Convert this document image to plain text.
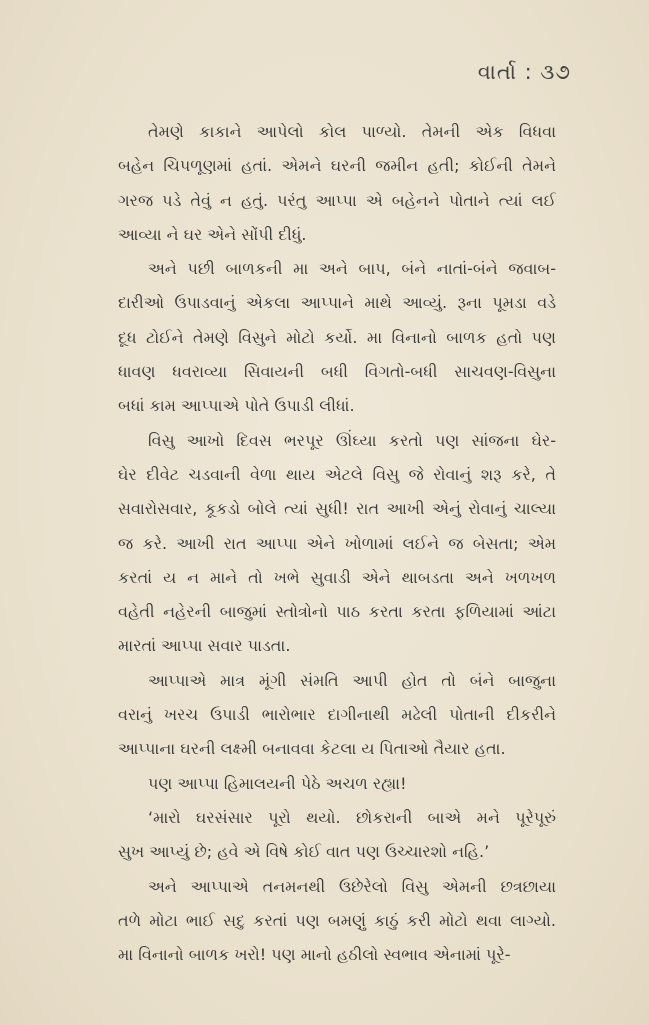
વાર્તા : ૩૭
તેમણે કાકાને આપેલો કોલ પાળ્યો. તેમની એક વિધવા
બહેન ચિપળૂણમાં હતાં. એમને ઘરની જમીન હતી; કોઈની તેમને
ગરજ પડે તેવું ન હતું. પરંતુ આપ્પા એ બહેનને પોતાને ત્યાં લઈ
આવ્યા ને ઘર એને સોંપી દીધું.
અને પછી બાળકની મા અને બાપ, બંને નાતાં-બંને જવાબ-
દારીઓ ઉપાડવાનું એકલા આપ્પાને માથે આવ્યું. રૂના પૂમડા વડે
દૂધ ટોઈને તેમણે વિસુને મોટો કર્યો. મા વિનાનો બાળક હતો પણ
ધાવણ ધવરાવ્યા સિવાયની બધી વિગતો-બધી સાચવણ-વિસુના
બધાં કામ આપ્પાએ પોતે ઉપાડી લીધાં.
વિસુ આખો દિવસ ભરપૂર ઊંઘ્યા કરતો પણ સાંજના ઘેર-
ઘેર દીવેટ ચડવાની વેળા થાય એટલે વિસુ જે રોવાનું શરૂ કરે, તે
સવારોસવાર, કૂકડો બોલે ત્યાં સુધી! રાત આખી એનું રોવાનું ચાલ્યા
જ કરે. આખી રાત આપ્પા એને ખોળામાં લઈને જ બેસતા; એમ
કરતાં ય ન માને તો ખભે સુવાડી એને થાબડતા અને ખળખળ
વહેતી નહેરની બાજુમાં સ્તોત્રોનો પાઠ કરતા કરતા ફળિયામાં આંટા
મારતાં આપ્પા સવાર પાડતા.
આપ્પાએ માત્ર મૂંગી સંમતિ આપી હોત તો બંને બાજુના
વરાનું ખરચ ઉપાડી ભારોભાર દાગીનાથી મઢેલી પોતાની દીકરીને
આપ્પાના ઘરની લક્ષ્મી બનાવવા કેટલા ય પિતાઓ તૈયાર હતા.
પણ આપ્પા હિમાલયની પેઠે અચળ રહ્યા!
‘મારો ઘરસંસાર પૂરો થયો. છોકરાની બાએ મને પૂરેપૂરું
સુખ આપ્યું છે; હવે એ વિષે કોઈ વાત પણ ઉચ્ચારશો નહિ.’
અને આપ્પાએ તનમનથી ઉછેરેલો વિસુ એમની છત્રછાયા
તળે મોટા ભાઈ સદુ કરતાં પણ બમણું કાઠું કરી મોટો થવા લાગ્યો.
મા વિનાનો બાળક ખરો! પણ માનો હઠીલો સ્વભાવ એનામાં પૂરે-
